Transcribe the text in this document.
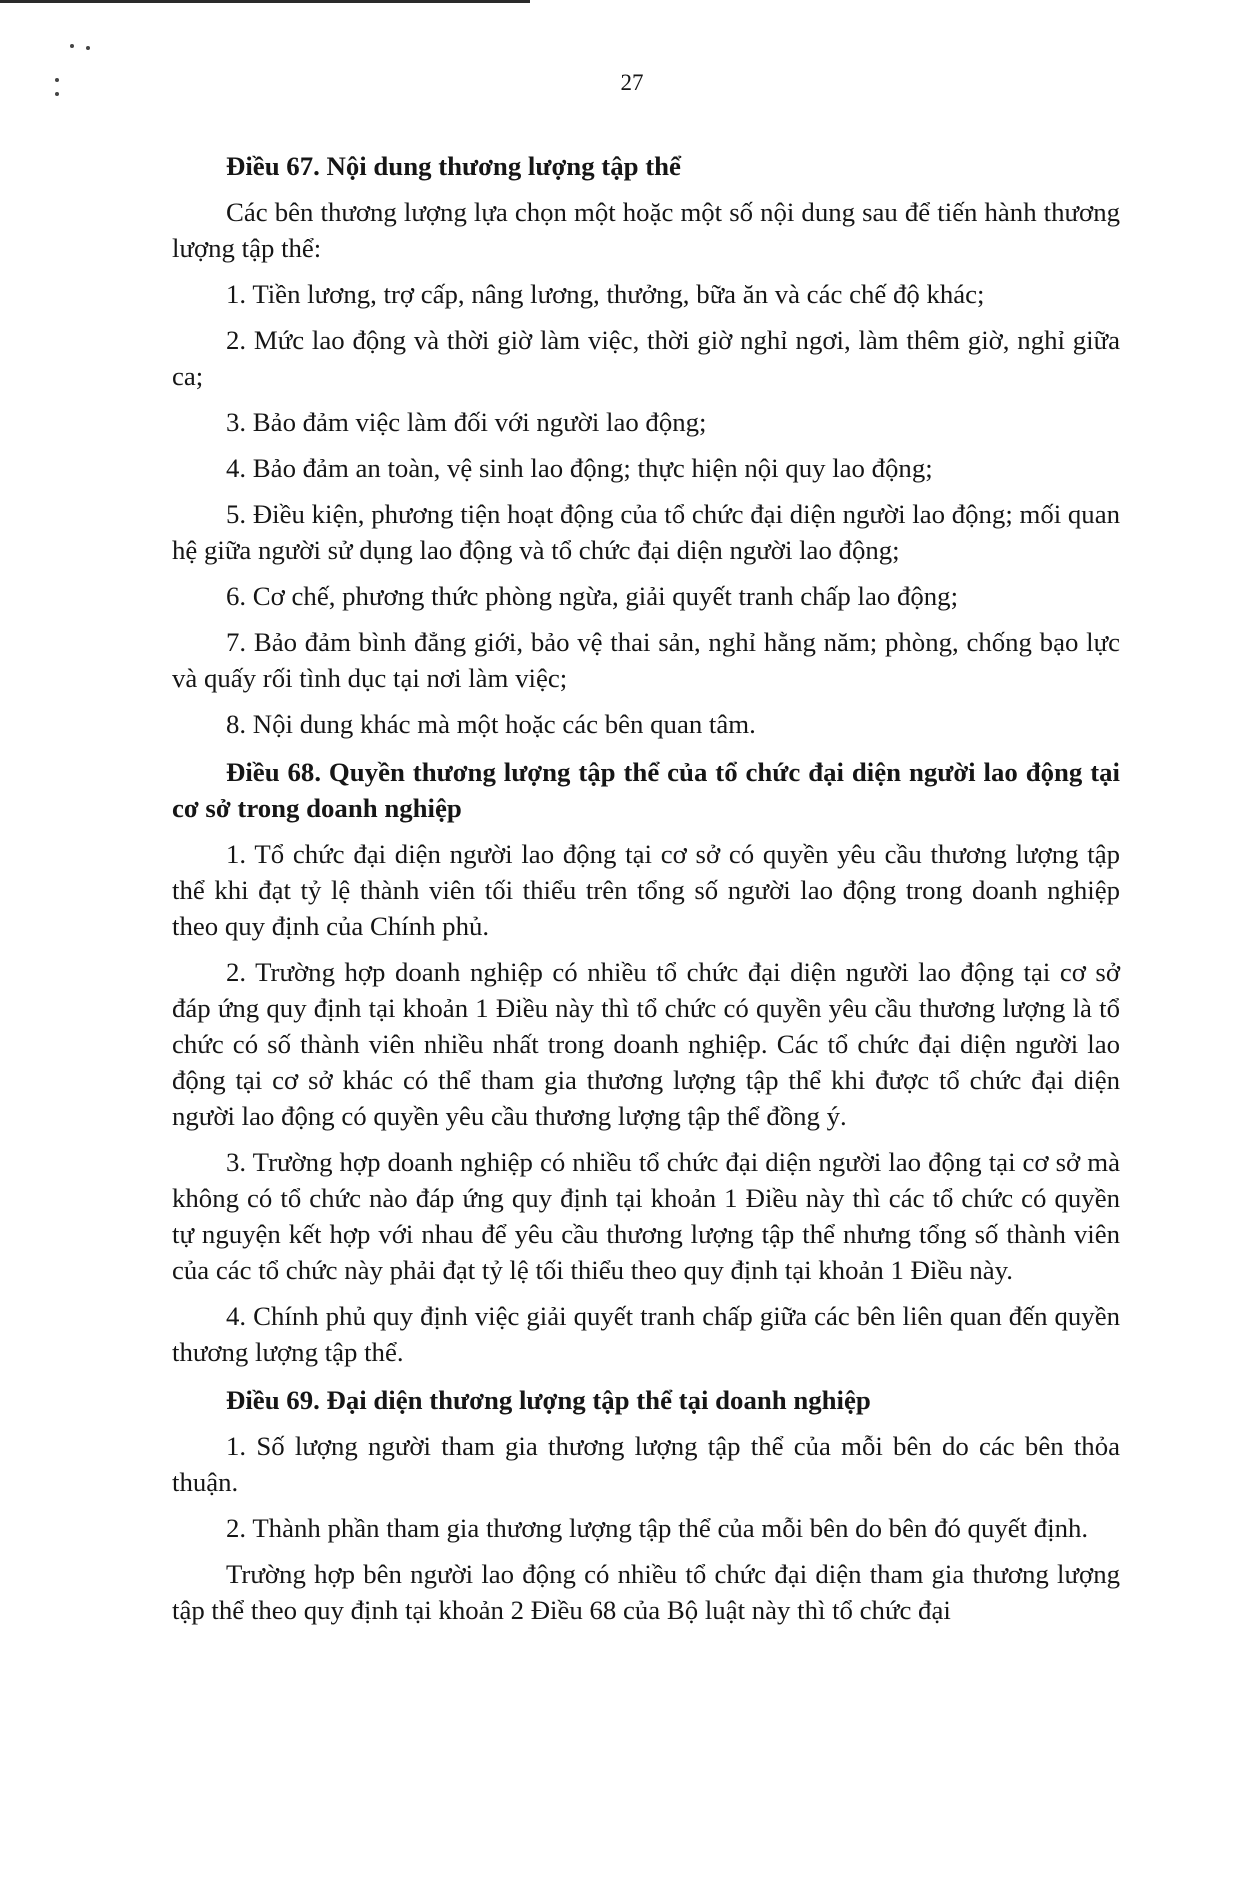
27
Điều 67. Nội dung thương lượng tập thể

Các bên thương lượng lựa chọn một hoặc một số nội dung sau để tiến hành thương lượng tập thể:

1. Tiền lương, trợ cấp, nâng lương, thưởng, bữa ăn và các chế độ khác;

2. Mức lao động và thời giờ làm việc, thời giờ nghỉ ngơi, làm thêm giờ, nghỉ giữa ca;

3. Bảo đảm việc làm đối với người lao động;

4. Bảo đảm an toàn, vệ sinh lao động; thực hiện nội quy lao động;

5. Điều kiện, phương tiện hoạt động của tổ chức đại diện người lao động; mối quan hệ giữa người sử dụng lao động và tổ chức đại diện người lao động;

6. Cơ chế, phương thức phòng ngừa, giải quyết tranh chấp lao động;

7. Bảo đảm bình đẳng giới, bảo vệ thai sản, nghỉ hằng năm; phòng, chống bạo lực và quấy rối tình dục tại nơi làm việc;

8. Nội dung khác mà một hoặc các bên quan tâm.

Điều 68. Quyền thương lượng tập thể của tổ chức đại diện người lao động tại cơ sở trong doanh nghiệp

1. Tổ chức đại diện người lao động tại cơ sở có quyền yêu cầu thương lượng tập thể khi đạt tỷ lệ thành viên tối thiểu trên tổng số người lao động trong doanh nghiệp theo quy định của Chính phủ.

2. Trường hợp doanh nghiệp có nhiều tổ chức đại diện người lao động tại cơ sở đáp ứng quy định tại khoản 1 Điều này thì tổ chức có quyền yêu cầu thương lượng là tổ chức có số thành viên nhiều nhất trong doanh nghiệp. Các tổ chức đại diện người lao động tại cơ sở khác có thể tham gia thương lượng tập thể khi được tổ chức đại diện người lao động có quyền yêu cầu thương lượng tập thể đồng ý.

3. Trường hợp doanh nghiệp có nhiều tổ chức đại diện người lao động tại cơ sở mà không có tổ chức nào đáp ứng quy định tại khoản 1 Điều này thì các tổ chức có quyền tự nguyện kết hợp với nhau để yêu cầu thương lượng tập thể nhưng tổng số thành viên của các tổ chức này phải đạt tỷ lệ tối thiểu theo quy định tại khoản 1 Điều này.

4. Chính phủ quy định việc giải quyết tranh chấp giữa các bên liên quan đến quyền thương lượng tập thể.

Điều 69. Đại diện thương lượng tập thể tại doanh nghiệp

1. Số lượng người tham gia thương lượng tập thể của mỗi bên do các bên thỏa thuận.

2. Thành phần tham gia thương lượng tập thể của mỗi bên do bên đó quyết định.

Trường hợp bên người lao động có nhiều tổ chức đại diện tham gia thương lượng tập thể theo quy định tại khoản 2 Điều 68 của Bộ luật này thì tổ chức đại
